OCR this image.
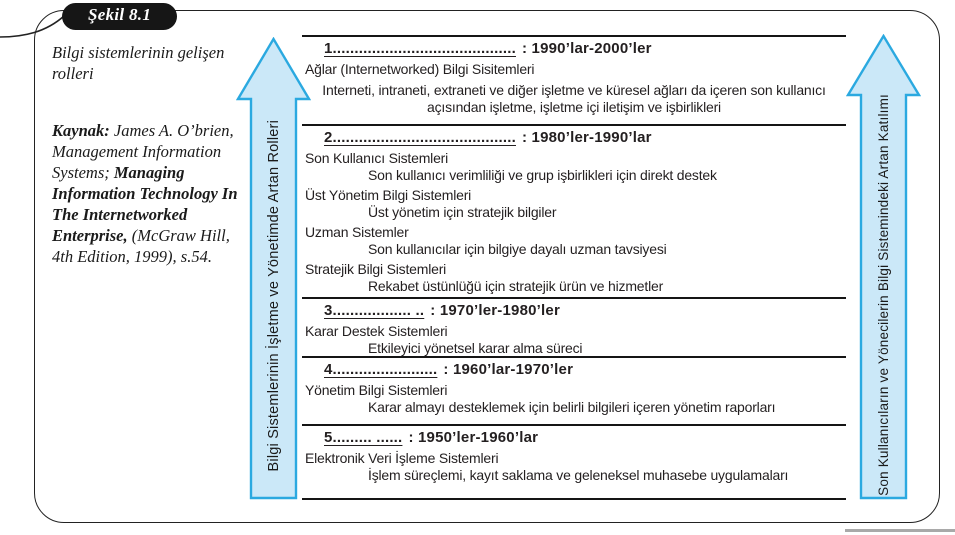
Şekil 8.1

Bilgi sistemlerinin gelişen rolleri

Kaynak: James A. O’brien, Management Information Systems; Managing Information Technology In The Internetworked Enterprise, (McGraw Hill, 4th Edition, 1999), s.54.	Bilgi Sistemlerinin İşletme ve Yönetimde Artan Rolleri	Son Kullanıcıların ve Yönecilerin Bilgi Sistemindeki Artan Katılımı
1.......................................... : 1990’lar-2000’ler
Ağlar (Internetworked) Bilgi Sisitemleri
Interneti, intraneti, extraneti ve diğer işletme ve küresel ağları da içeren son kullanıcı açısından işletme, işletme içi iletişim ve işbirlikleri
2.......................................... : 1980’ler-1990’lar
Son Kullanıcı Sistemleri
Son kullanıcı verimliliği ve grup işbirlikleri için direkt destek
Üst Yönetim Bilgi Sistemleri
Üst yönetim için stratejik bilgiler
Uzman Sistemler
Son kullanıcılar için bilgiye dayalı uzman tavsiyesi
Stratejik Bilgi Sistemleri
Rekabet üstünlüğü için stratejik ürün ve hizmetler
3.................. .. : 1970’ler-1980’ler
Karar Destek Sistemleri
Etkileyici yönetsel karar alma süreci
4........................ : 1960’lar-1970’ler
Yönetim Bilgi Sistemleri
Karar almayı desteklemek için belirli bilgileri içeren yönetim raporları
5......... ...... : 1950’ler-1960’lar
Elektronik Veri İşleme Sistemleri
İşlem süreçlemi, kayıt saklama ve geleneksel muhasebe uygulamaları
